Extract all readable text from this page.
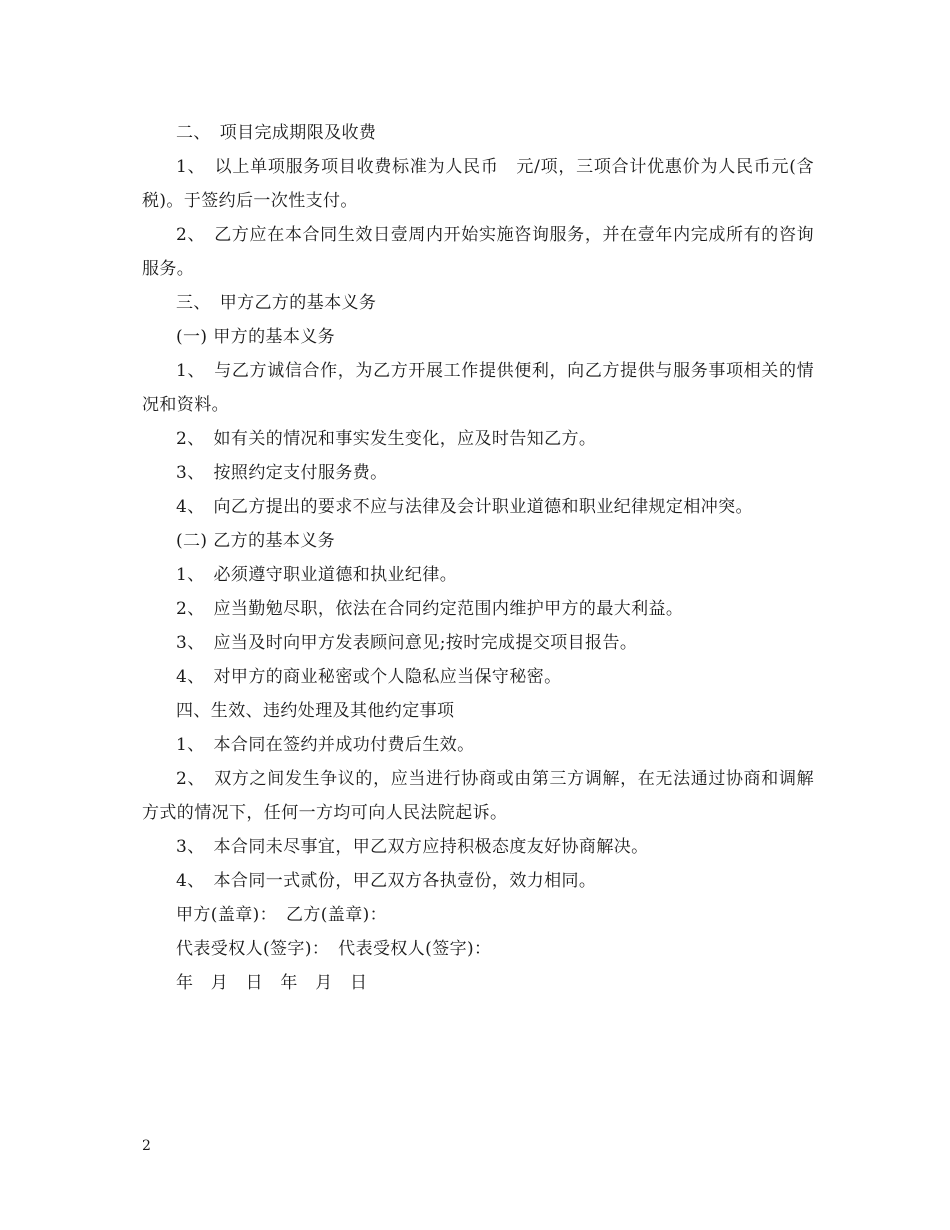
二、　项目完成期限及收费

1、　以上单项服务项目收费标准为人民币　元/项，三项合计优惠价为人民币元(含税)。于签约后一次性支付。

2、　乙方应在本合同生效日壹周内开始实施咨询服务，并在壹年内完成所有的咨询服务。

三、　甲方乙方的基本义务

(一) 甲方的基本义务

1、　与乙方诚信合作，为乙方开展工作提供便利，向乙方提供与服务事项相关的情况和资料。

2、　如有关的情况和事实发生变化，应及时告知乙方。

3、　按照约定支付服务费。

4、　向乙方提出的要求不应与法律及会计职业道德和职业纪律规定相冲突。

(二) 乙方的基本义务

1、　必须遵守职业道德和执业纪律。

2、　应当勤勉尽职，依法在合同约定范围内维护甲方的最大利益。

3、　应当及时向甲方发表顾问意见;按时完成提交项目报告。

4、　对甲方的商业秘密或个人隐私应当保守秘密。

四、生效、违约处理及其他约定事项

1、　本合同在签约并成功付费后生效。

2、　双方之间发生争议的，应当进行协商或由第三方调解，在无法通过协商和调解方式的情况下，任何一方均可向人民法院起诉。

3、　本合同未尽事宜，甲乙双方应持积极态度友好协商解决。

4、　本合同一式贰份，甲乙双方各执壹份，效力相同。

甲方(盖章)：　乙方(盖章)：

代表受权人(签字)：　代表受权人(签字)：

年　月　日　年　月　日

2
